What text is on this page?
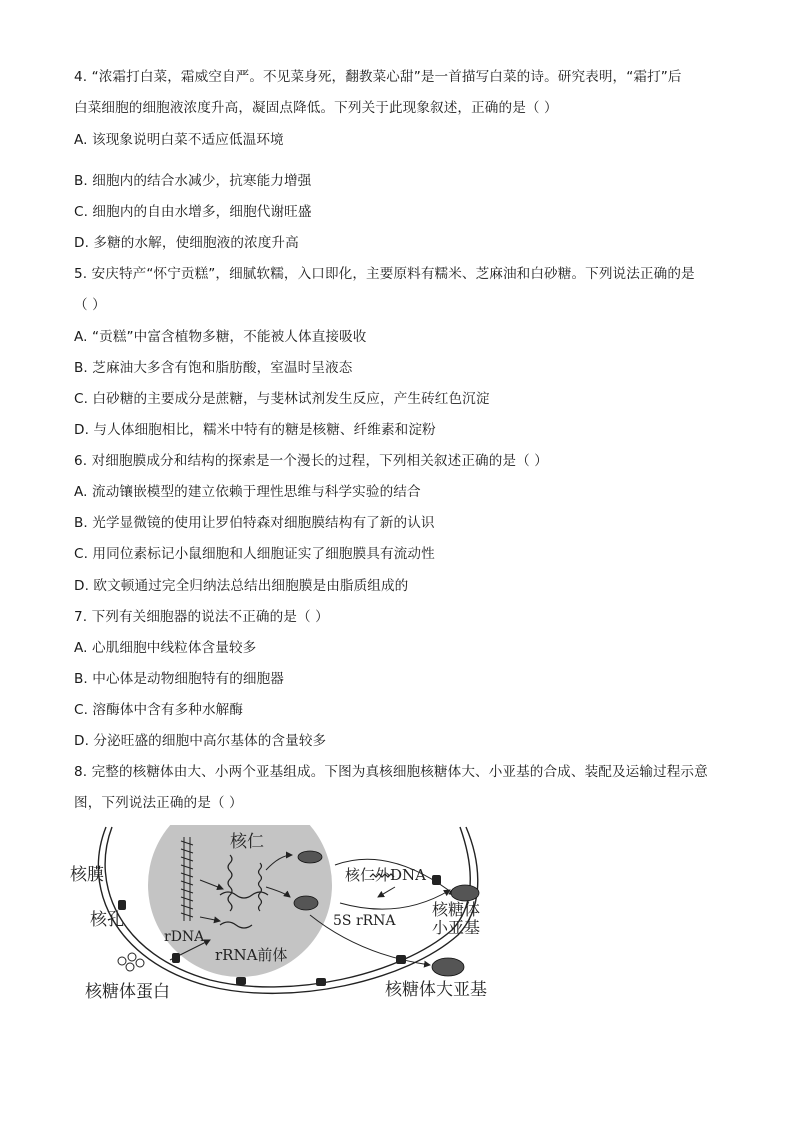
4. “浓霜打白菜，霜威空自严。不见菜身死，翻教菜心甜”是一首描写白菜的诗。研究表明，“霜打”后
白菜细胞的细胞液浓度升高，凝固点降低。下列关于此现象叙述，正确的是（ ）
A. 该现象说明白菜不适应低温环境
B. 细胞内的结合水减少，抗寒能力增强
C. 细胞内的自由水增多，细胞代谢旺盛
D. 多糖的水解，使细胞液的浓度升高
5. 安庆特产“怀宁贡糕”，细腻软糯，入口即化，主要原料有糯米、芝麻油和白砂糖。下列说法正确的是
（ ）
A. “贡糕”中富含植物多糖，不能被人体直接吸收
B. 芝麻油大多含有饱和脂肪酸，室温时呈液态
C. 白砂糖的主要成分是蔗糖，与斐林试剂发生反应，产生砖红色沉淀
D. 与人体细胞相比，糯米中特有的糖是核糖、纤维素和淀粉
6. 对细胞膜成分和结构的探索是一个漫长的过程，下列相关叙述正确的是（ ）
A. 流动镶嵌模型的建立依赖于理性思维与科学实验的结合
B. 光学显微镜的使用让罗伯特森对细胞膜结构有了新的认识
C. 用同位素标记小鼠细胞和人细胞证实了细胞膜具有流动性
D. 欧文顿通过完全归纳法总结出细胞膜是由脂质组成的
7. 下列有关细胞器的说法不正确的是（ ）
A. 心肌细胞中线粒体含量较多
B. 中心体是动物细胞特有的细胞器
C. 溶酶体中含有多种水解酶
D. 分泌旺盛的细胞中高尔基体的含量较多
8. 完整的核糖体由大、小两个亚基组成。下图为真核细胞核糖体大、小亚基的合成、装配及运输过程示意
图，下列说法正确的是（ ）
核膜
核仁
核孔
rDNA
rRNA前体
核糖体蛋白
核仁外DNA
5S rRNA
核糖体
小亚基
核糖体大亚基
